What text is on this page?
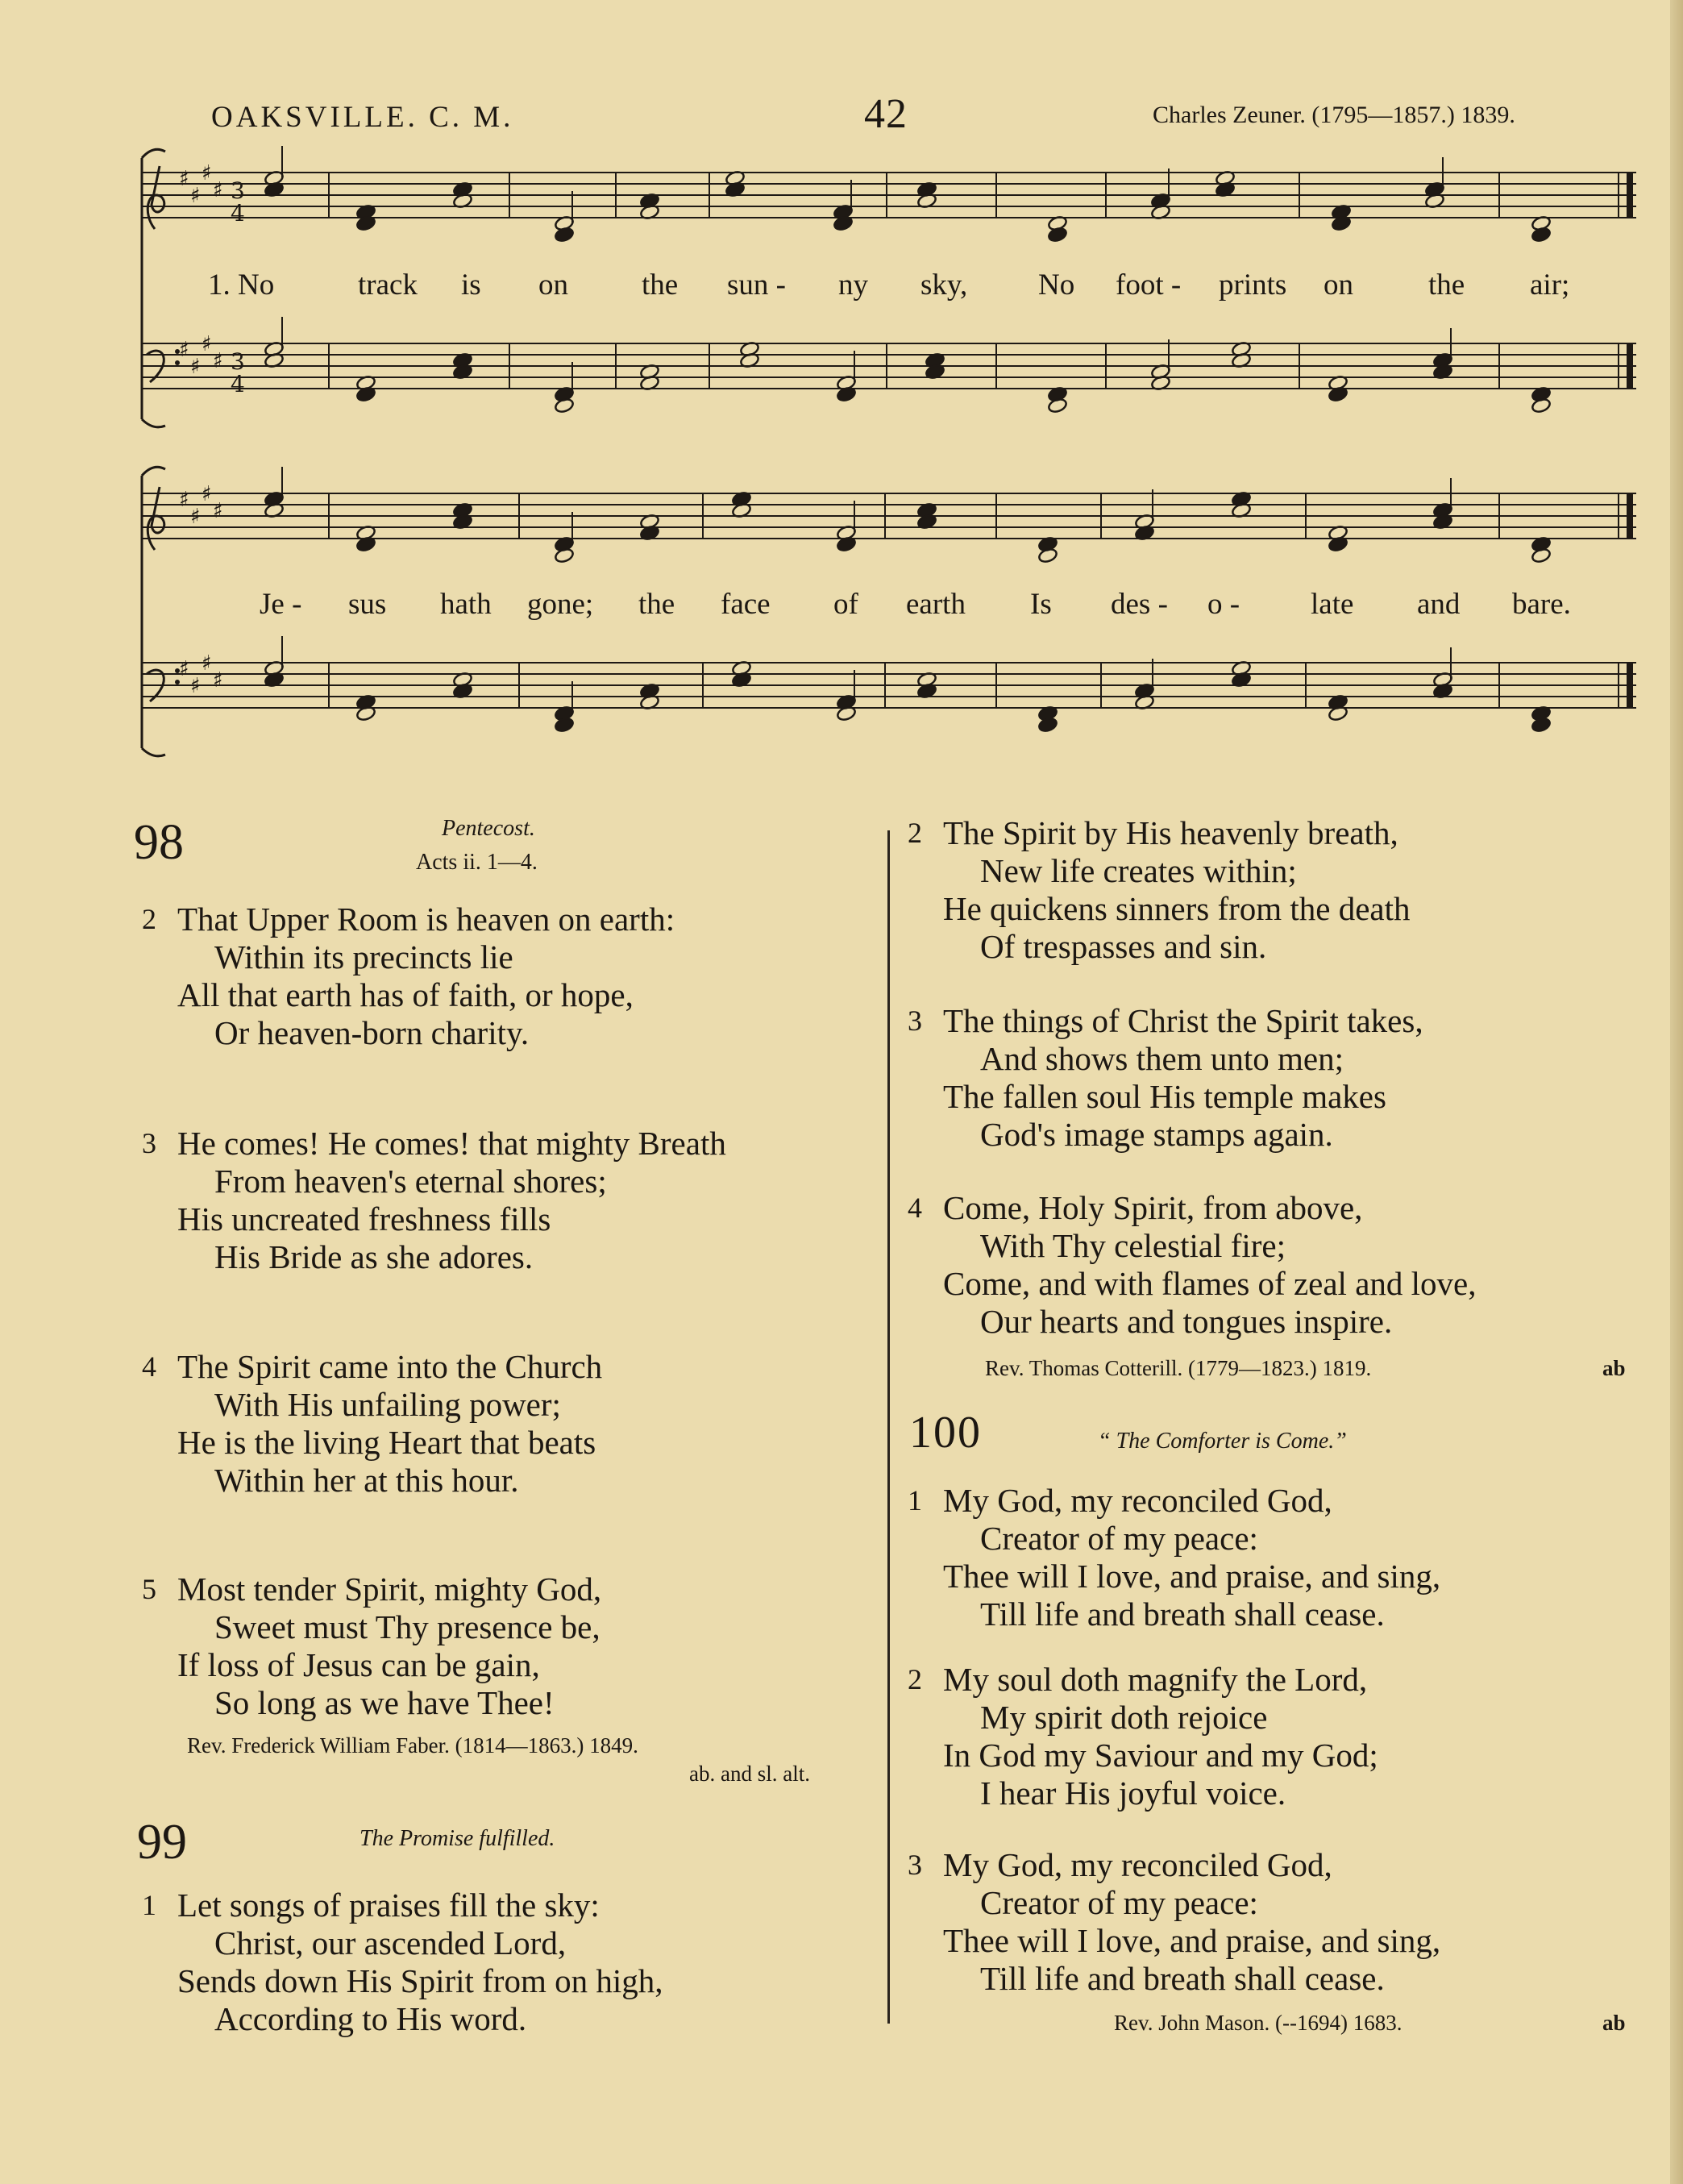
OAKSVILLE. C. M.	42	Charles Zeuner. (1795—1857.) 1839.
♯
♯
♯
♯
♯
♯
♯
♯
3
4
3
4
♯
♯
♯
♯
♯
♯
♯
♯
1. No	track is on the sun - ny sky, No foot - prints on	the air;
Je - sus hath gone; the face of earth Is des - o - late and bare.
98	Pentecost.
Acts ii. 1—4.
2 That Upper Room is heaven on earth:
Within its precincts lie
All that earth has of faith, or hope,
Or heaven-born charity.
3 He comes! He comes! that mighty Breath
From heaven's eternal shores;
His uncreated freshness fills
His Bride as she adores.
4 The Spirit came into the Church
With His unfailing power;
He is the living Heart that beats
Within her at this hour.
5 Most tender Spirit, mighty God,
Sweet must Thy presence be,
If loss of Jesus can be gain,
So long as we have Thee!
Rev. Frederick William Faber. (1814—1863.) 1849.
ab. and sl. alt.
99	The Promise fulfilled.
1 Let songs of praises fill the sky:
Christ, our ascended Lord,
Sends down His Spirit from on high,
According to His word.
2 The Spirit by His heavenly breath,
New life creates within;
He quickens sinners from the death
Of trespasses and sin.
3 The things of Christ the Spirit takes,
And shows them unto men;
The fallen soul His temple makes
God's image stamps again.
4 Come, Holy Spirit, from above,
With Thy celestial fire;
Come, and with flames of zeal and love,
Our hearts and tongues inspire.
Rev. Thomas Cotterill. (1779—1823.) 1819.	ab
100	“ The Comforter is Come.”
1 My God, my reconciled God,
Creator of my peace:
Thee will I love, and praise, and sing,
Till life and breath shall cease.
2 My soul doth magnify the Lord,
My spirit doth rejoice
In God my Saviour and my God;
I hear His joyful voice.
3 My God, my reconciled God,
Creator of my peace:
Thee will I love, and praise, and sing,
Till life and breath shall cease.
Rev. John Mason. (--1694) 1683.	ab
